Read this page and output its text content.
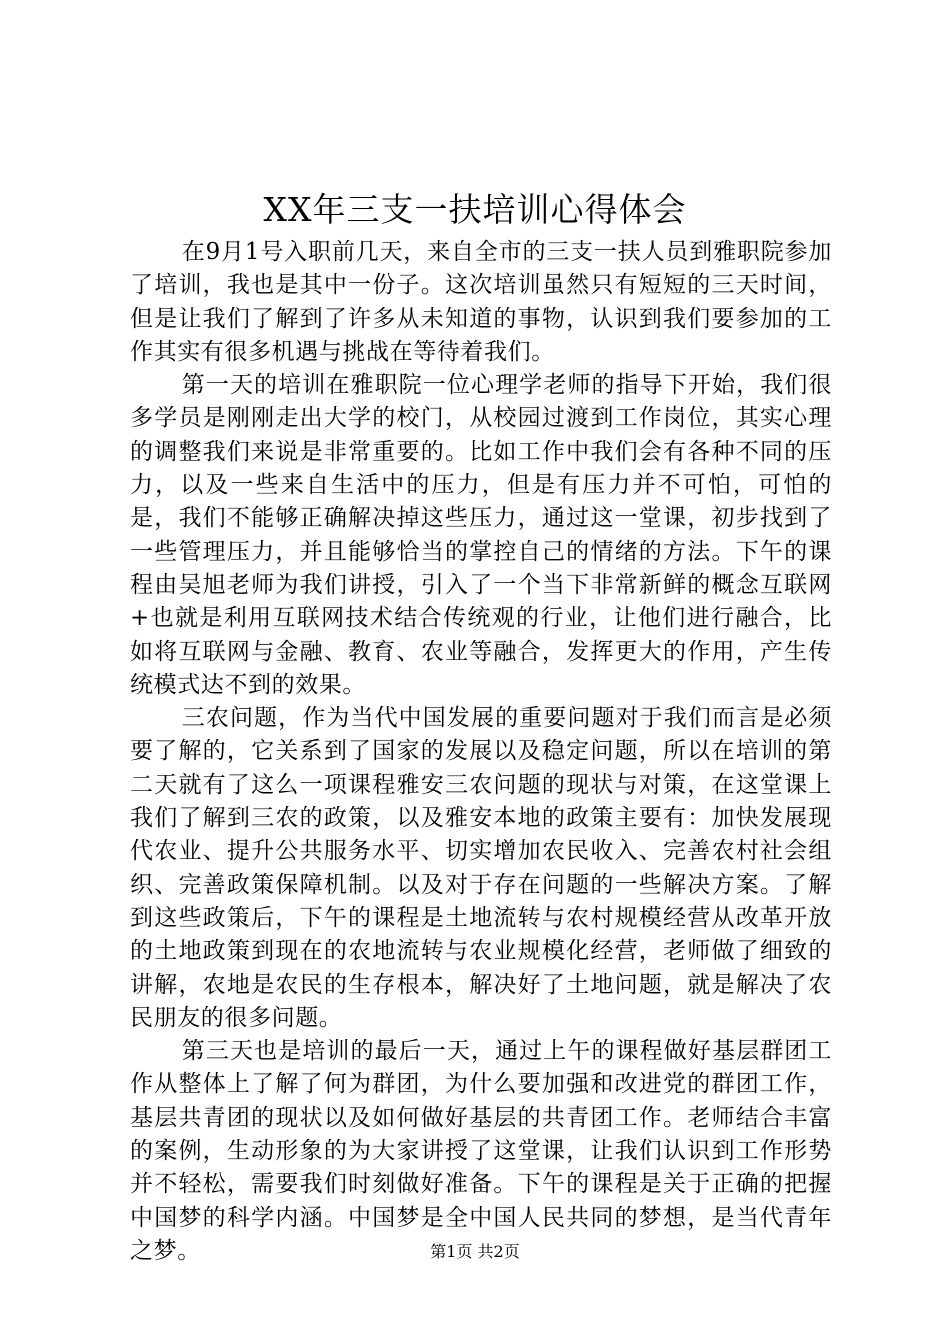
XX年三支一扶培训心得体会

在9月1号入职前几天，来自全市的三支一扶人员到雅职院参加了培训，我也是其中一份子。这次培训虽然只有短短的三天时间，但是让我们了解到了许多从未知道的事物，认识到我们要参加的工作其实有很多机遇与挑战在等待着我们。

第一天的培训在雅职院一位心理学老师的指导下开始，我们很多学员是刚刚走出大学的校门，从校园过渡到工作岗位，其实心理的调整我们来说是非常重要的。比如工作中我们会有各种不同的压力，以及一些来自生活中的压力，但是有压力并不可怕，可怕的是，我们不能够正确解决掉这些压力，通过这一堂课，初步找到了一些管理压力，并且能够恰当的掌控自己的情绪的方法。下午的课程由吴旭老师为我们讲授，引入了一个当下非常新鲜的概念互联网+也就是利用互联网技术结合传统观的行业，让他们进行融合，比如将互联网与金融、教育、农业等融合，发挥更大的作用，产生传统模式达不到的效果。

三农问题，作为当代中国发展的重要问题对于我们而言是必须要了解的，它关系到了国家的发展以及稳定问题，所以在培训的第二天就有了这么一项课程雅安三农问题的现状与对策，在这堂课上我们了解到三农的政策，以及雅安本地的政策主要有：加快发展现代农业、提升公共服务水平、切实增加农民收入、完善农村社会组织、完善政策保障机制。以及对于存在问题的一些解决方案。了解到这些政策后，下午的课程是土地流转与农村规模经营从改革开放的土地政策到现在的农地流转与农业规模化经营，老师做了细致的讲解，农地是农民的生存根本，解决好了土地问题，就是解决了农民朋友的很多问题。

第三天也是培训的最后一天，通过上午的课程做好基层群团工作从整体上了解了何为群团，为什么要加强和改进党的群团工作，基层共青团的现状以及如何做好基层的共青团工作。老师结合丰富的案例，生动形象的为大家讲授了这堂课，让我们认识到工作形势并不轻松，需要我们时刻做好准备。下午的课程是关于正确的把握中国梦的科学内涵。中国梦是全中国人民共同的梦想，是当代青年之梦。	第1页 共2页
